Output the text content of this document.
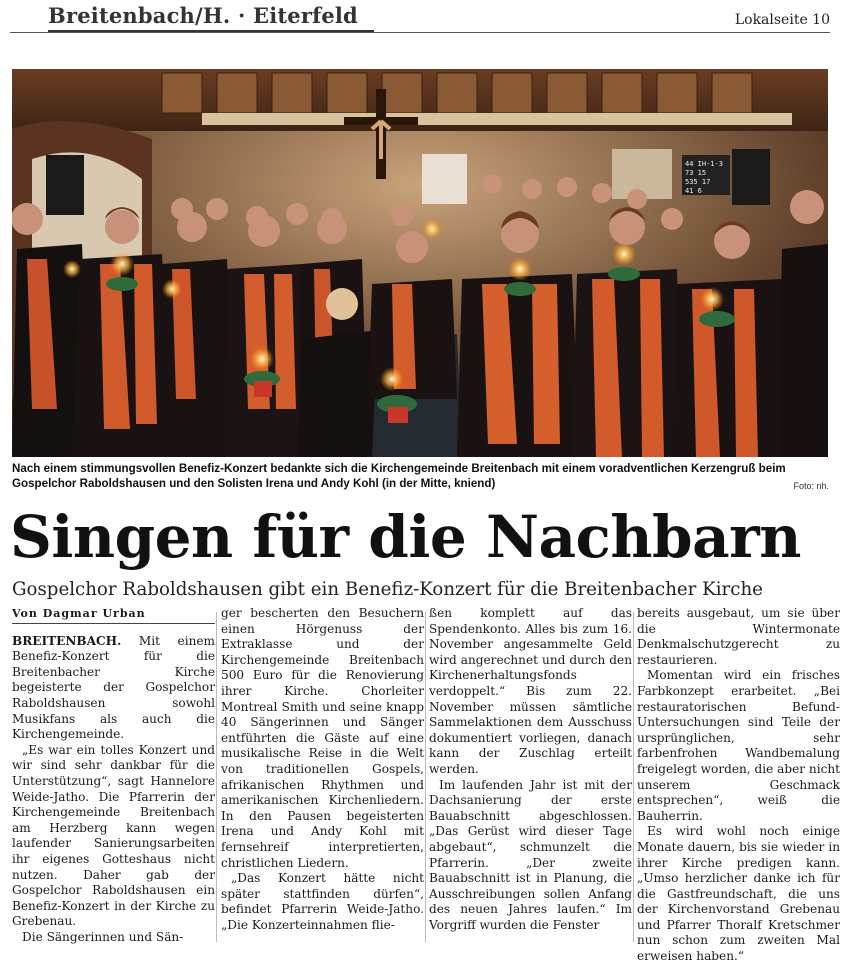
Breitenbach/H. · Eiterfeld	Lokalseite 10
44 IH-1-3 73 15 535 17 41 6
Nach einem stimmungsvollen Benefiz-Konzert bedankte sich die Kirchengemeinde Breitenbach mit einem voradventlichen Kerzengruß beim Gospelchor Raboldshausen und den Solisten Irena und Andy Kohl (in der Mitte, kniend)	Foto: nh.
Singen für die Nachbarn
Gospelchor Raboldshausen gibt ein Benefiz-Konzert für die Breitenbacher Kirche
Von Dagmar Urban

BREITENBACH. Mit einem Benefiz-Konzert für die Breitenbacher Kirche begeisterte der Gospelchor Raboldshausen sowohl Musikfans als auch die Kirchengemeinde.

„Es war ein tolles Konzert und wir sind sehr dankbar für die Unterstützung“, sagt Hannelore Weide-Jatho. Die Pfarrerin der Kirchengemeinde Breitenbach am Herzberg kann wegen laufender Sanierungsarbeiten ihr eigenes Gotteshaus nicht nutzen. Daher gab der Gospelchor Raboldshausen ein Benefiz-Konzert in der Kirche zu Grebenau.

Die Sängerinnen und Sän-

ger bescherten den Besuchern einen Hörgenuss der Extraklasse und der Kirchengemeinde Breitenbach 500 Euro für die Renovierung ihrer Kirche. Chorleiter Montreal Smith und seine knapp 40 Sängerinnen und Sänger entführten die Gäste auf eine musikalische Reise in die Welt von traditionellen Gospels, afrikanischen Rhythmen und amerikanischen Kirchenliedern. In den Pausen begeisterten Irena und Andy Kohl mit fernsehreif interpretierten, christlichen Liedern.

„Das Konzert hätte nicht später stattfinden dürfen“, befindet Pfarrerin Weide-Jatho. „Die Konzerteinnahmen flie-

ßen komplett auf das Spendenkonto. Alles bis zum 16. November angesammelte Geld wird angerechnet und durch den Kirchenerhaltungsfonds verdoppelt.“ Bis zum 22. November müssen sämtliche Sammelaktionen dem Ausschuss dokumentiert vorliegen, danach kann der Zuschlag erteilt werden.

Im laufenden Jahr ist mit der Dachsanierung der erste Bauabschnitt abgeschlossen. „Das Gerüst wird dieser Tage abgebaut“, schmunzelt die Pfarrerin. „Der zweite Bauabschnitt ist in Planung, die Ausschreibungen sollen Anfang des neuen Jahres laufen.“ Im Vorgriff wurden die Fenster

bereits ausgebaut, um sie über die Wintermonate Denkmalschutzgerecht zu restaurieren.

Momentan wird ein frisches Farbkonzept erarbeitet. „Bei restauratorischen Befund-Untersuchungen sind Teile der ursprünglichen, sehr farbenfrohen Wandbemalung freigelegt worden, die aber nicht unserem Geschmack entsprechen“, weiß die Bauherrin.

Es wird wohl noch einige Monate dauern, bis sie wieder in ihrer Kirche predigen kann. „Umso herzlicher danke ich für die Gastfreundschaft, die uns der Kirchenvorstand Grebenau und Pfarrer Thoralf Kretschmer nun schon zum zweiten Mal erweisen haben.“
